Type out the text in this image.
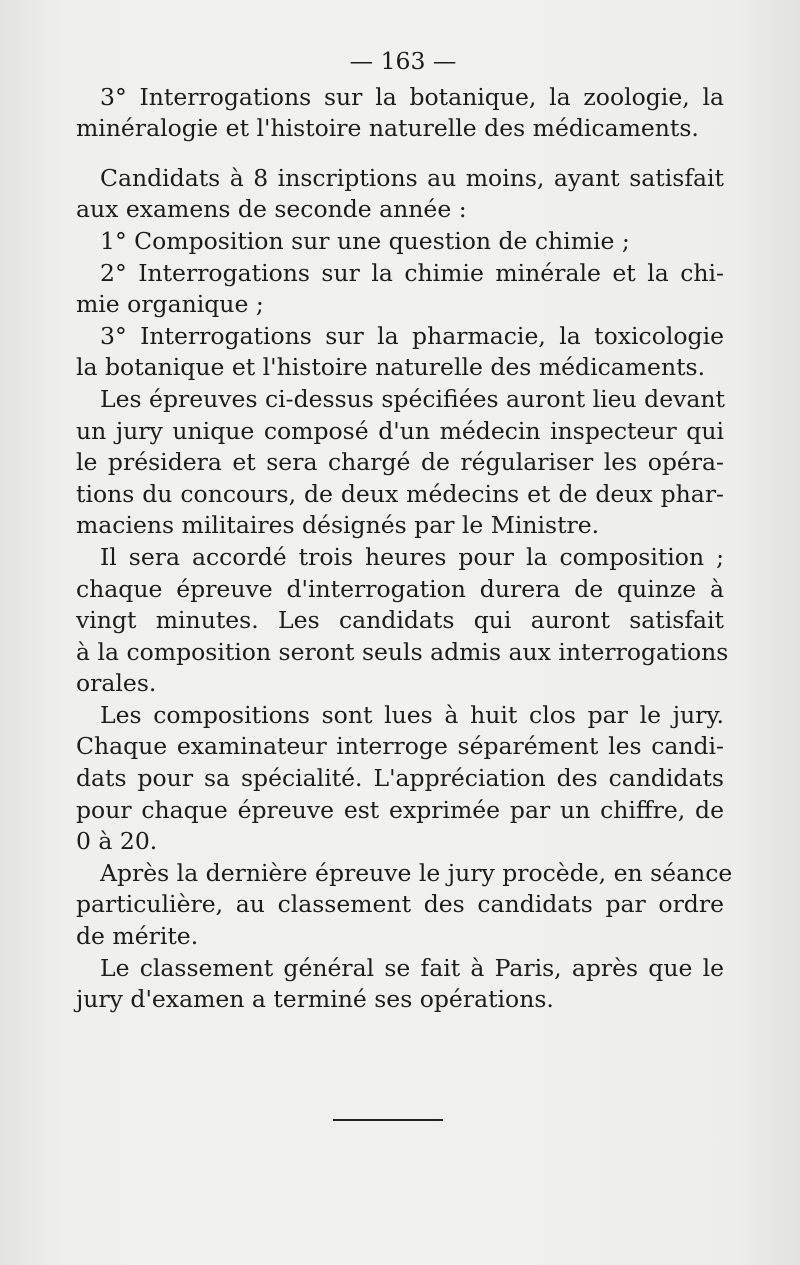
— 163 —
3° Interrogations sur la botanique, la zoologie, la
minéralogie et l'histoire naturelle des médicaments.
Candidats à 8 inscriptions au moins, ayant satisfait
aux examens de seconde année :
1° Composition sur une question de chimie ;
2° Interrogations sur la chimie minérale et la chi-
mie organique ;
3° Interrogations sur la pharmacie, la toxicologie
la botanique et l'histoire naturelle des médicaments.
Les épreuves ci-dessus spécifiées auront lieu devant
un jury unique composé d'un médecin inspecteur qui
le présidera et sera chargé de régulariser les opéra-
tions du concours, de deux médecins et de deux phar-
maciens militaires désignés par le Ministre.
Il sera accordé trois heures pour la composition ;
chaque épreuve d'interrogation durera de quinze à
vingt minutes. Les candidats qui auront satisfait
à la composition seront seuls admis aux interrogations
orales.
Les compositions sont lues à huit clos par le jury.
Chaque examinateur interroge séparément les candi-
dats pour sa spécialité. L'appréciation des candidats
pour chaque épreuve est exprimée par un chiffre, de
0 à 20.
Après la dernière épreuve le jury procède, en séance
particulière, au classement des candidats par ordre
de mérite.
Le classement général se fait à Paris, après que le
jury d'examen a terminé ses opérations.
